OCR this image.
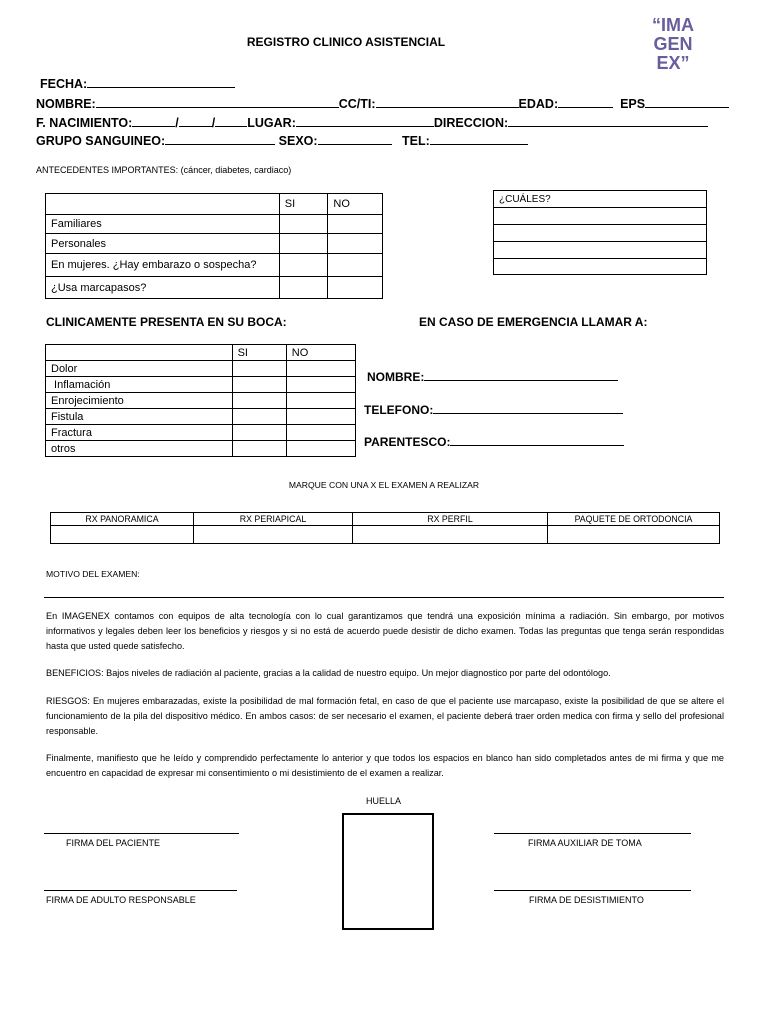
REGISTRO CLINICO ASISTENCIAL
“IMA
GEN
EX”
FECHA:
NOMBRE:	CC/TI:	EDAD:	EPS
F. NACIMIENTO:	/	/	LUGAR:	DIRECCION:
GRUPO SANGUINEO:	SEXO:	TEL:
ANTECEDENTES IMPORTANTES: (cáncer, diabetes, cardiaco)
	SI	NO
Familiares		
Personales		
En mujeres. ¿Hay embarazo o sospecha?		
¿Usa marcapasos?		
¿CUÁLES?

CLINICAMENTE PRESENTA EN SU BOCA:	EN CASO DE EMERGENCIA LLAMAR A:
	SI	NO
Dolor		
Inflamación		
Enrojecimiento		
Fistula		
Fractura		
otros		
NOMBRE:
TELEFONO:
PARENTESCO:
MARQUE CON UNA X EL EXAMEN A REALIZAR
RX PANORAMICA	RX PERIAPICAL	RX PERFIL	PAQUETE DE ORTODONCIA

MOTIVO DEL EXAMEN:
En IMAGENEX contamos con equipos de alta tecnología con lo cual garantizamos que tendrá una exposición mínima a radiación. Sin embargo, por motivos informativos y legales deben leer los beneficios y riesgos y si no está de acuerdo puede desistir de dicho examen. Todas las preguntas que tenga serán respondidas hasta que usted quede satisfecho.
BENEFICIOS: Bajos niveles de radiación al paciente, gracias a la calidad de nuestro equipo. Un mejor diagnostico por parte del odontólogo.
RIESGOS: En mujeres embarazadas, existe la posibilidad de mal formación fetal, en caso de que el paciente use marcapaso, existe la posibilidad de que se altere el funcionamiento de la pila del dispositivo médico. En ambos casos: de ser necesario el examen, el paciente deberá traer orden medica con firma y sello del profesional responsable.
Finalmente, manifiesto que he leído y comprendido perfectamente lo anterior y que todos los espacios en blanco han sido completados antes de mi firma y que me encuentro en capacidad de expresar mi consentimiento o mi desistimiento de el examen a realizar.
HUELLA
FIRMA DEL PACIENTE	FIRMA AUXILIAR DE TOMA
FIRMA DE ADULTO RESPONSABLE	FIRMA DE DESISTIMIENTO
